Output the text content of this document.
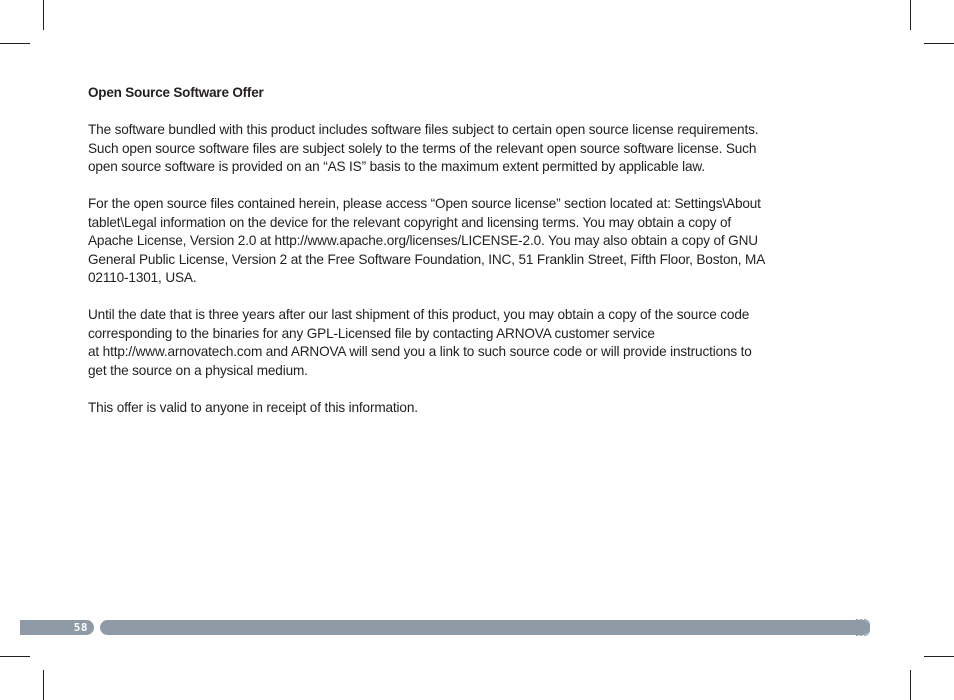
Open Source Software Offer
The software bundled with this product includes software files subject to certain open source license requirements.
Such open source software files are subject solely to the terms of the relevant open source software license. Such
open source software is provided on an “AS IS” basis to the maximum extent permitted by applicable law.
For the open source files contained herein, please access “Open source license” section located at: Settings\About
tablet\Legal information on the device for the relevant copyright and licensing terms. You may obtain a copy of
Apache License, Version 2.0 at http://www.apache.org/licenses/LICENSE-2.0. You may also obtain a copy of GNU
General Public License, Version 2 at the Free Software Foundation, INC, 51 Franklin Street, Fifth Floor, Boston, MA
02110-1301, USA.
Until the date that is three years after our last shipment of this product, you may obtain a copy of the source code
corresponding to the binaries for any GPL-Licensed file by contacting ARNOVA customer service
at http://www.arnovatech.com and ARNOVA will send you a link to such source code or will provide instructions to
get the source on a physical medium.
This offer is valid to anyone in receipt of this information.
58
